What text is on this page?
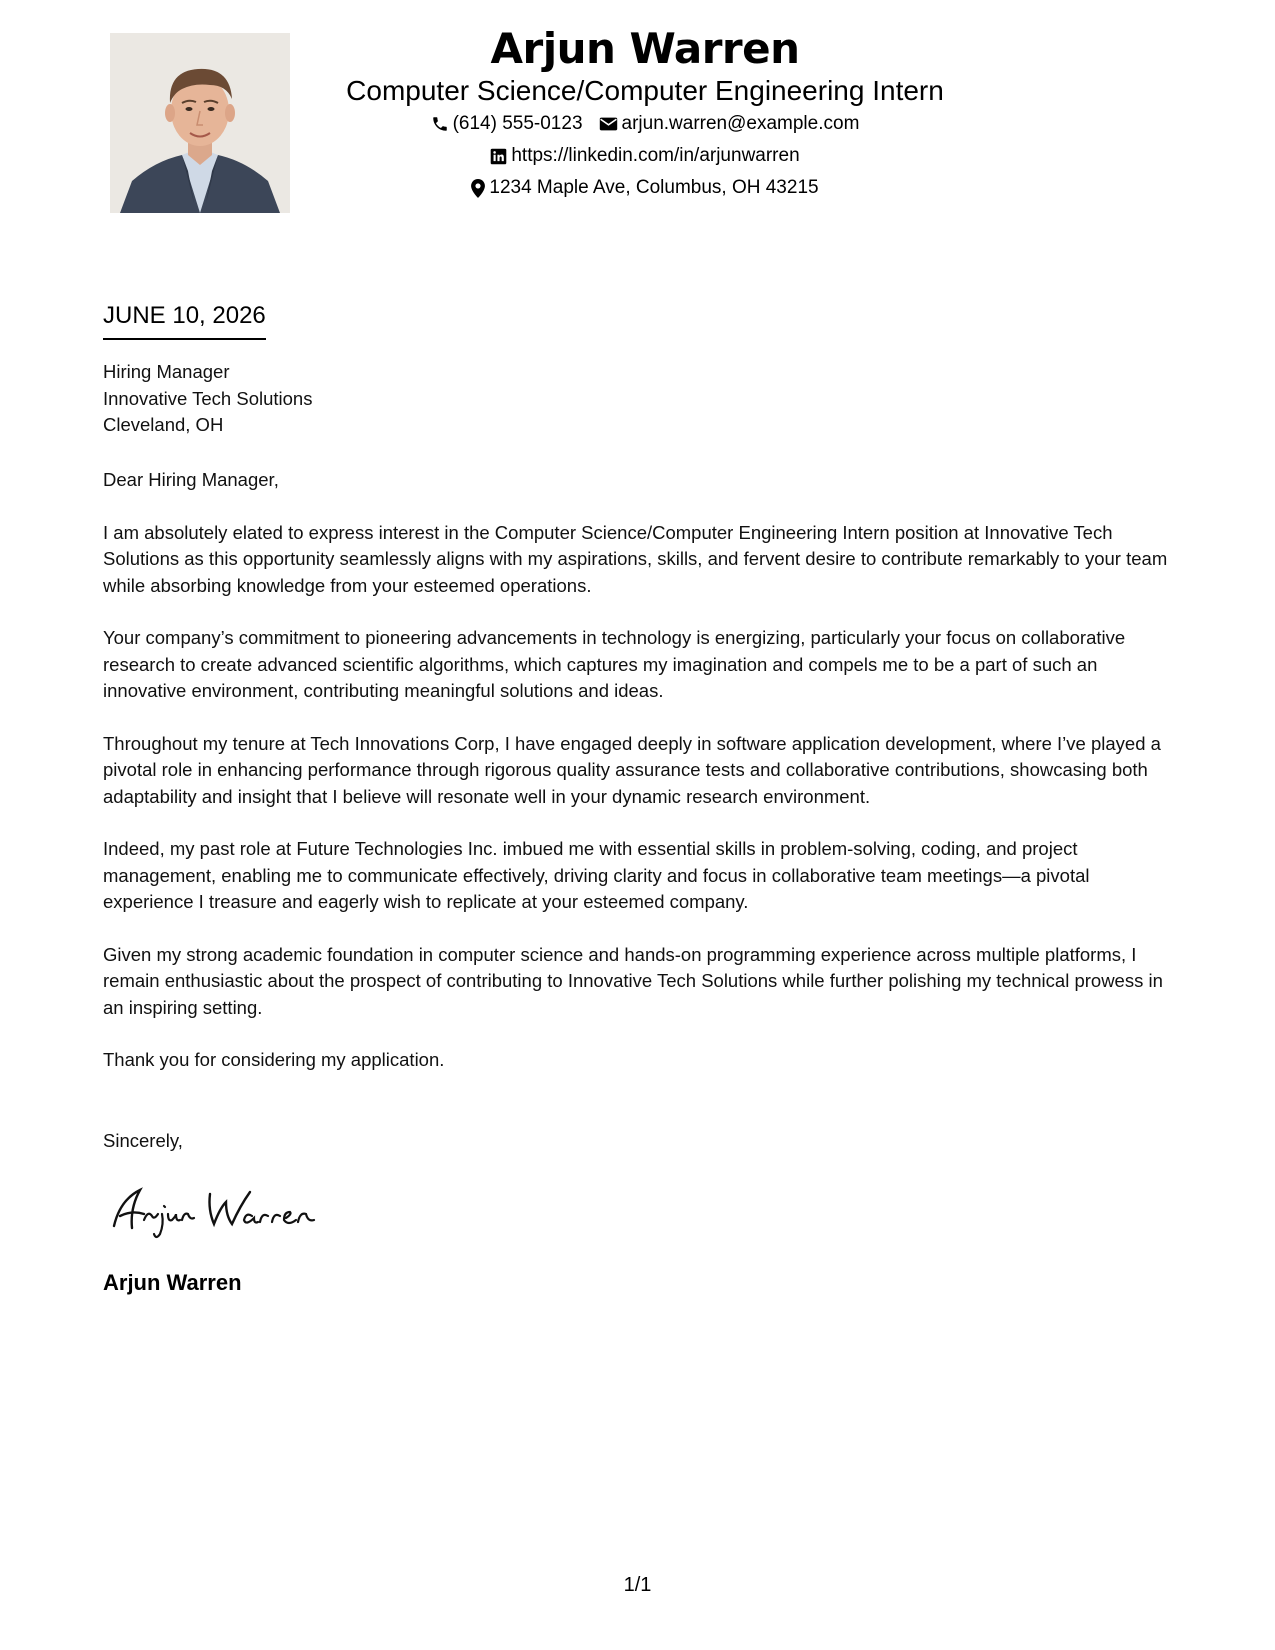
Arjun Warren
Computer Science/Computer Engineering Intern
(614) 555-0123 arjun.warren@example.com
https://linkedin.com/in/arjunwarren
1234 Maple Ave, Columbus, OH 43215
JUNE 10, 2026
Hiring Manager
Innovative Tech Solutions
Cleveland, OH

Dear Hiring Manager,

I am absolutely elated to express interest in the Computer Science/Computer Engineering Intern position at Innovative Tech Solutions as this opportunity seamlessly aligns with my aspirations, skills, and fervent desire to contribute remarkably to your team while absorbing knowledge from your esteemed operations.

Your company’s commitment to pioneering advancements in technology is energizing, particularly your focus on collaborative research to create advanced scientific algorithms, which captures my imagination and compels me to be a part of such an innovative environment, contributing meaningful solutions and ideas.

Throughout my tenure at Tech Innovations Corp, I have engaged deeply in software application development, where I’ve played a pivotal role in enhancing performance through rigorous quality assurance tests and collaborative contributions, showcasing both adaptability and insight that I believe will resonate well in your dynamic research environment.

Indeed, my past role at Future Technologies Inc. imbued me with essential skills in problem-solving, coding, and project management, enabling me to communicate effectively, driving clarity and focus in collaborative team meetings—a pivotal experience I treasure and eagerly wish to replicate at your esteemed company.

Given my strong academic foundation in computer science and hands-on programming experience across multiple platforms, I remain enthusiastic about the prospect of contributing to Innovative Tech Solutions while further polishing my technical prowess in an inspiring setting.

Thank you for considering my application.

Sincerely,
Arjun Warren
1/1
